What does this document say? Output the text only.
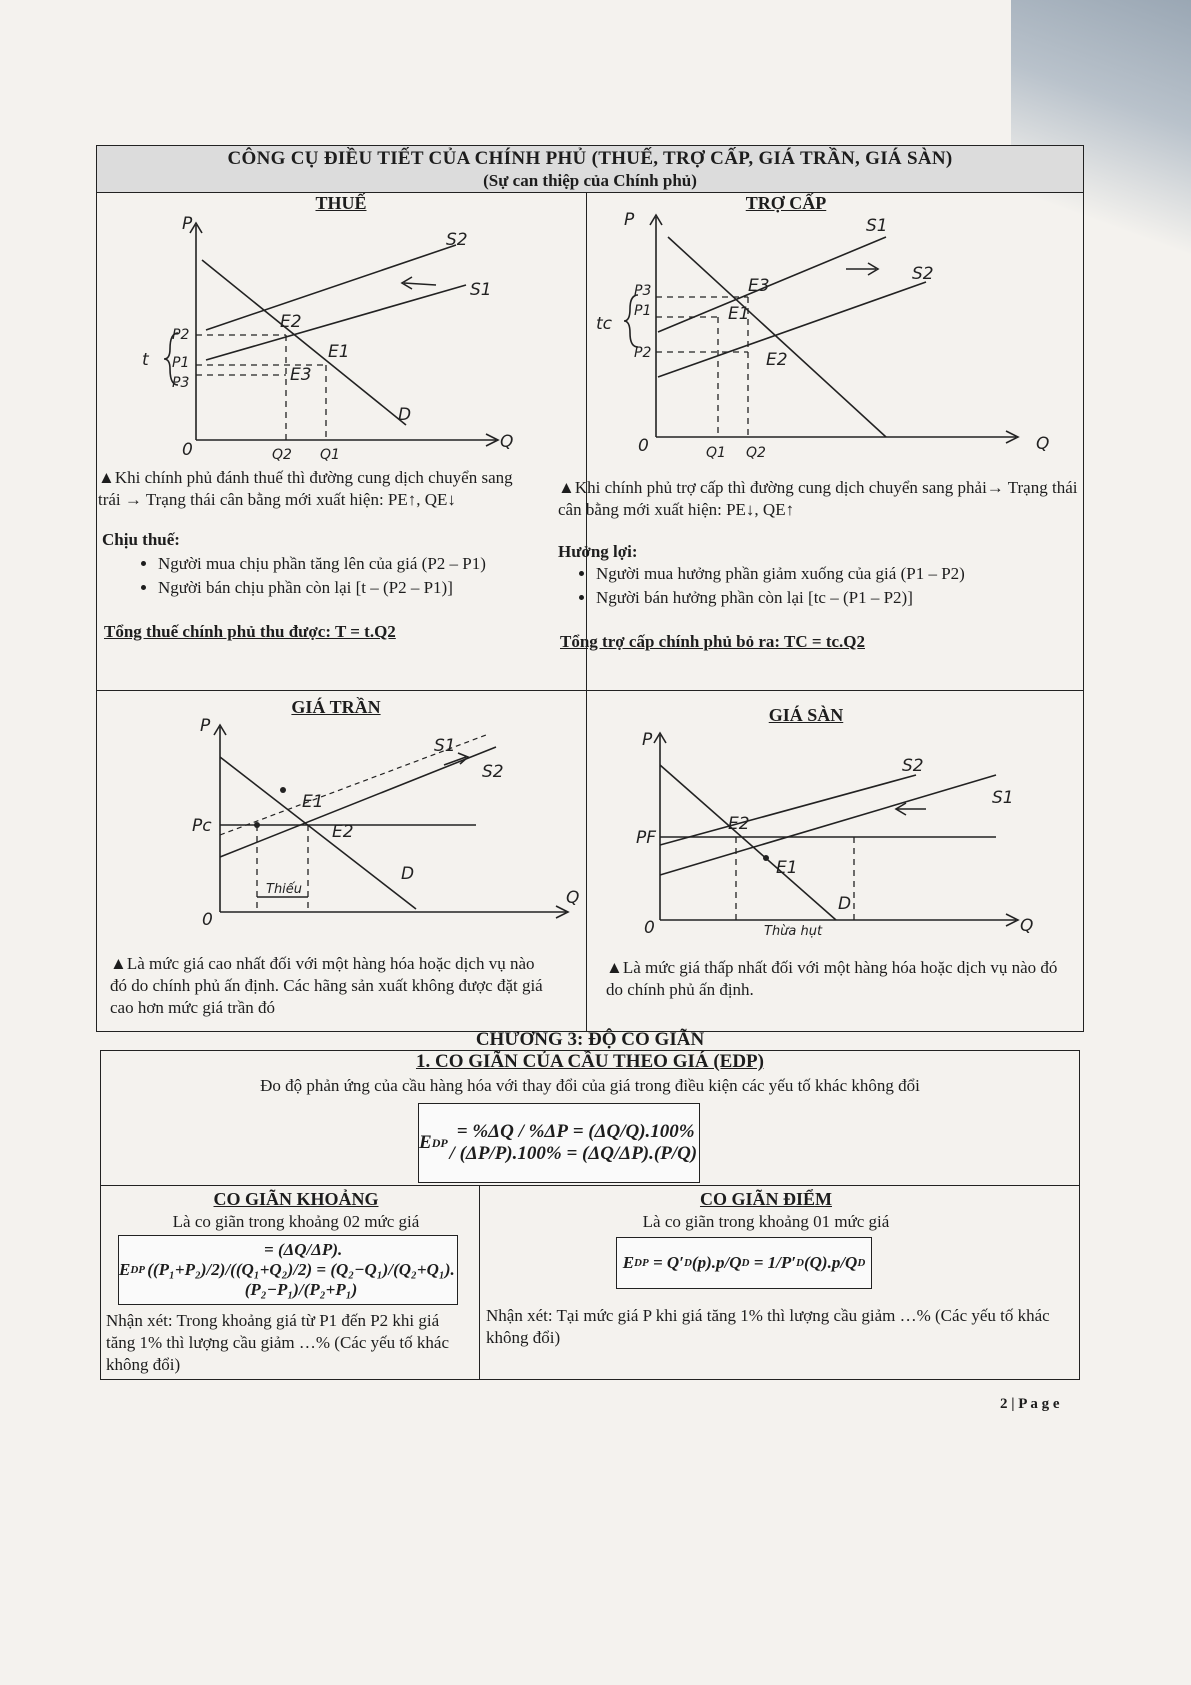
CÔNG CỤ ĐIỀU TIẾT CỦA CHÍNH PHỦ (THUẾ, TRỢ CẤP, GIÁ TRẦN, GIÁ SÀN)
(Sự can thiệp của Chính phủ)
THUẾ
P
Q
0
S1
S2
D
E1
E2
E3
P2
P1
P3
t
Q2 Q1
▲Khi chính phủ đánh thuế thì đường cung dịch chuyển sang trái → Trạng thái cân bằng mới xuất hiện: PE↑, QE↓
Chịu thuế:
• Người mua chịu phần tăng lên của giá (P2 – P1)
• Người bán chịu phần còn lại [t – (P2 – P1)]
Tổng thuế chính phủ thu được: T = t.Q2
TRỢ CẤP
P
Q
0
S1
S2
E3
E1
E2
P3
P1
P2
tc
Q1 Q2
▲Khi chính phủ trợ cấp thì đường cung dịch chuyển sang phải→ Trạng thái cân bằng mới xuất hiện: PE↓, QE↑
Hưởng lợi:
• Người mua hưởng phần giảm xuống của giá (P1 – P2)
• Người bán hưởng phần còn lại [tc – (P1 – P2)]
Tổng trợ cấp chính phủ bỏ ra: TC = tc.Q2
GIÁ TRẦN
P
Q
0
S1
S2
D
E1
E2
Pc
Thiếu
▲Là mức giá cao nhất đối với một hàng hóa hoặc dịch vụ nào đó do chính phủ ấn định. Các hãng sản xuất không được đặt giá cao hơn mức giá trần đó
GIÁ SÀN
P
Q
0
S1
S2
D
E1
E2
PF
Thừa hụt
▲Là mức giá thấp nhất đối với một hàng hóa hoặc dịch vụ nào đó do chính phủ ấn định.
CHƯƠNG 3: ĐỘ CO GIÃN
1. CO GIÃN CỦA CẦU THEO GIÁ (EDP)
Đo độ phản ứng của cầu hàng hóa với thay đổi của giá trong điều kiện các yếu tố khác không đổi
E DP
= %ΔQ / %ΔP = (ΔQ/Q).100% / (ΔP/P).100% = (ΔQ/ΔP).(P/Q)
CO GIÃN KHOẢNG
Là co giãn trong khoảng 02 mức giá
E DP
= (ΔQ/ΔP).((P₁+P₂)/2)/((Q₁+Q₂)/2) = (Q₂−Q₁)/(Q₂+Q₁).(P₂−P₁)/(P₂+P₁)
Nhận xét: Trong khoảng giá từ P1 đến P2 khi giá tăng 1% thì lượng cầu giảm …% (Các yếu tố khác không đổi)
CO GIÃN ĐIỂM
Là co giãn trong khoảng 01 mức giá
E DP = Q′ D (p).p/Q D = 1/P′ D (Q).p/Q D
Nhận xét: Tại mức giá P khi giá tăng 1% thì lượng cầu giảm …% (Các yếu tố khác không đổi)
2 | P a g e
